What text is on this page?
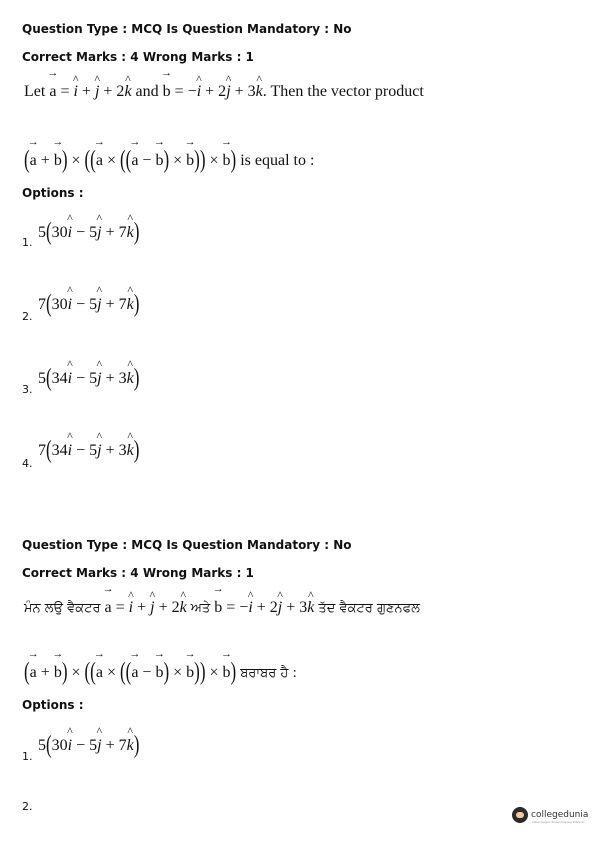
Question Type : MCQ Is Question Mandatory : No
Correct Marks : 4 Wrong Marks : 1
Let → a = ^ i + ^ j + 2^ k and → b = −^ i + 2^ j + 3^ k. Then the vector product
(→ a + → b) × ((→ a × ((→ a − → b) × → b)) × → b) is equal to :
Options :
5(30^ i − 5^ j + 7^ k)
1.
7(30^ i − 5^ j + 7^ k)
2.
5(34^ i − 5^ j + 3^ k)
3.
7(34^ i − 5^ j + 3^ k)
4.
Question Type : MCQ Is Question Mandatory : No
Correct Marks : 4 Wrong Marks : 1
ਮੰਨ ਲਉ ਵੈਕਟਰ → a = ^ i + ^ j + 2^ k ਅਤੇ → b = −^ i + 2^ j + 3^ k ਤੱਦ ਵੈਕਟਰ ਗੁਣਨਫਲ
(→ a + → b) × ((→ a × ((→ a − → b) × → b)) × → b) ਬਰਾਬਰ ਹੈ :
Options :
5(30^ i − 5^ j + 7^ k)
1.
2.
collegedunia
India's largest Student Review Platform
